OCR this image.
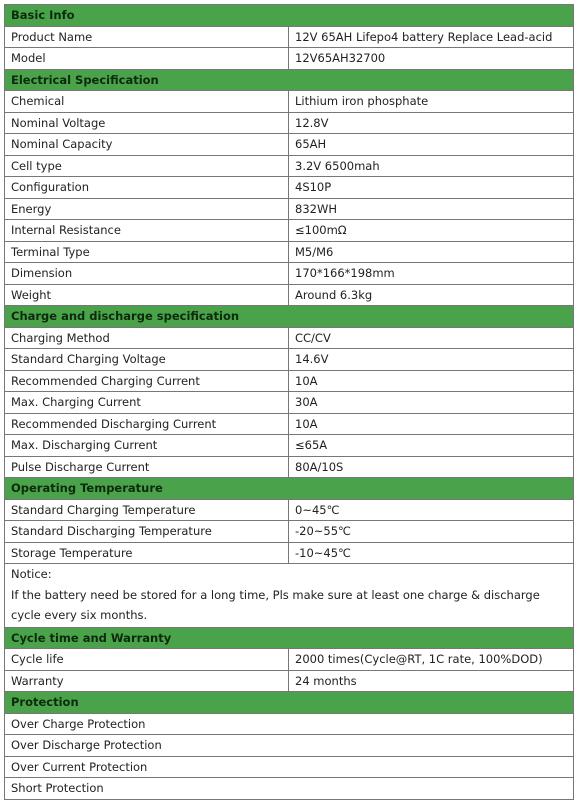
Basic Info	
Product Name	12V 65AH Lifepo4 battery Replace Lead-acid
Model	12V65AH32700
Electrical Specification	
Chemical	Lithium iron phosphate
Nominal Voltage	12.8V
Nominal Capacity	65AH
Cell type	3.2V 6500mah
Configuration	4S10P
Energy	832WH
Internal Resistance	≤100mΩ
Terminal Type	M5/M6
Dimension	170*166*198mm
Weight	Around 6.3kg
Charge and discharge specification	
Charging Method	CC/CV
Standard Charging Voltage	14.6V
Recommended Charging Current	10A
Max. Charging Current	30A
Recommended Discharging Current	10A
Max. Discharging Current	≤65A
Pulse Discharge Current	80A/10S
Operating Temperature	
Standard Charging Temperature	0~45℃
Standard Discharging Temperature	-20~55℃
Storage Temperature	-10~45℃

Notice:
If the battery need be stored for a long time, Pls make sure at least one charge & discharge cycle every six months.	

Cycle time and Warranty	
Cycle life	2000 times(Cycle@RT, 1C rate, 100%DOD)
Warranty	24 months
Protection	
Over Charge Protection	
Over Discharge Protection	
Over Current Protection	
Short Protection	
